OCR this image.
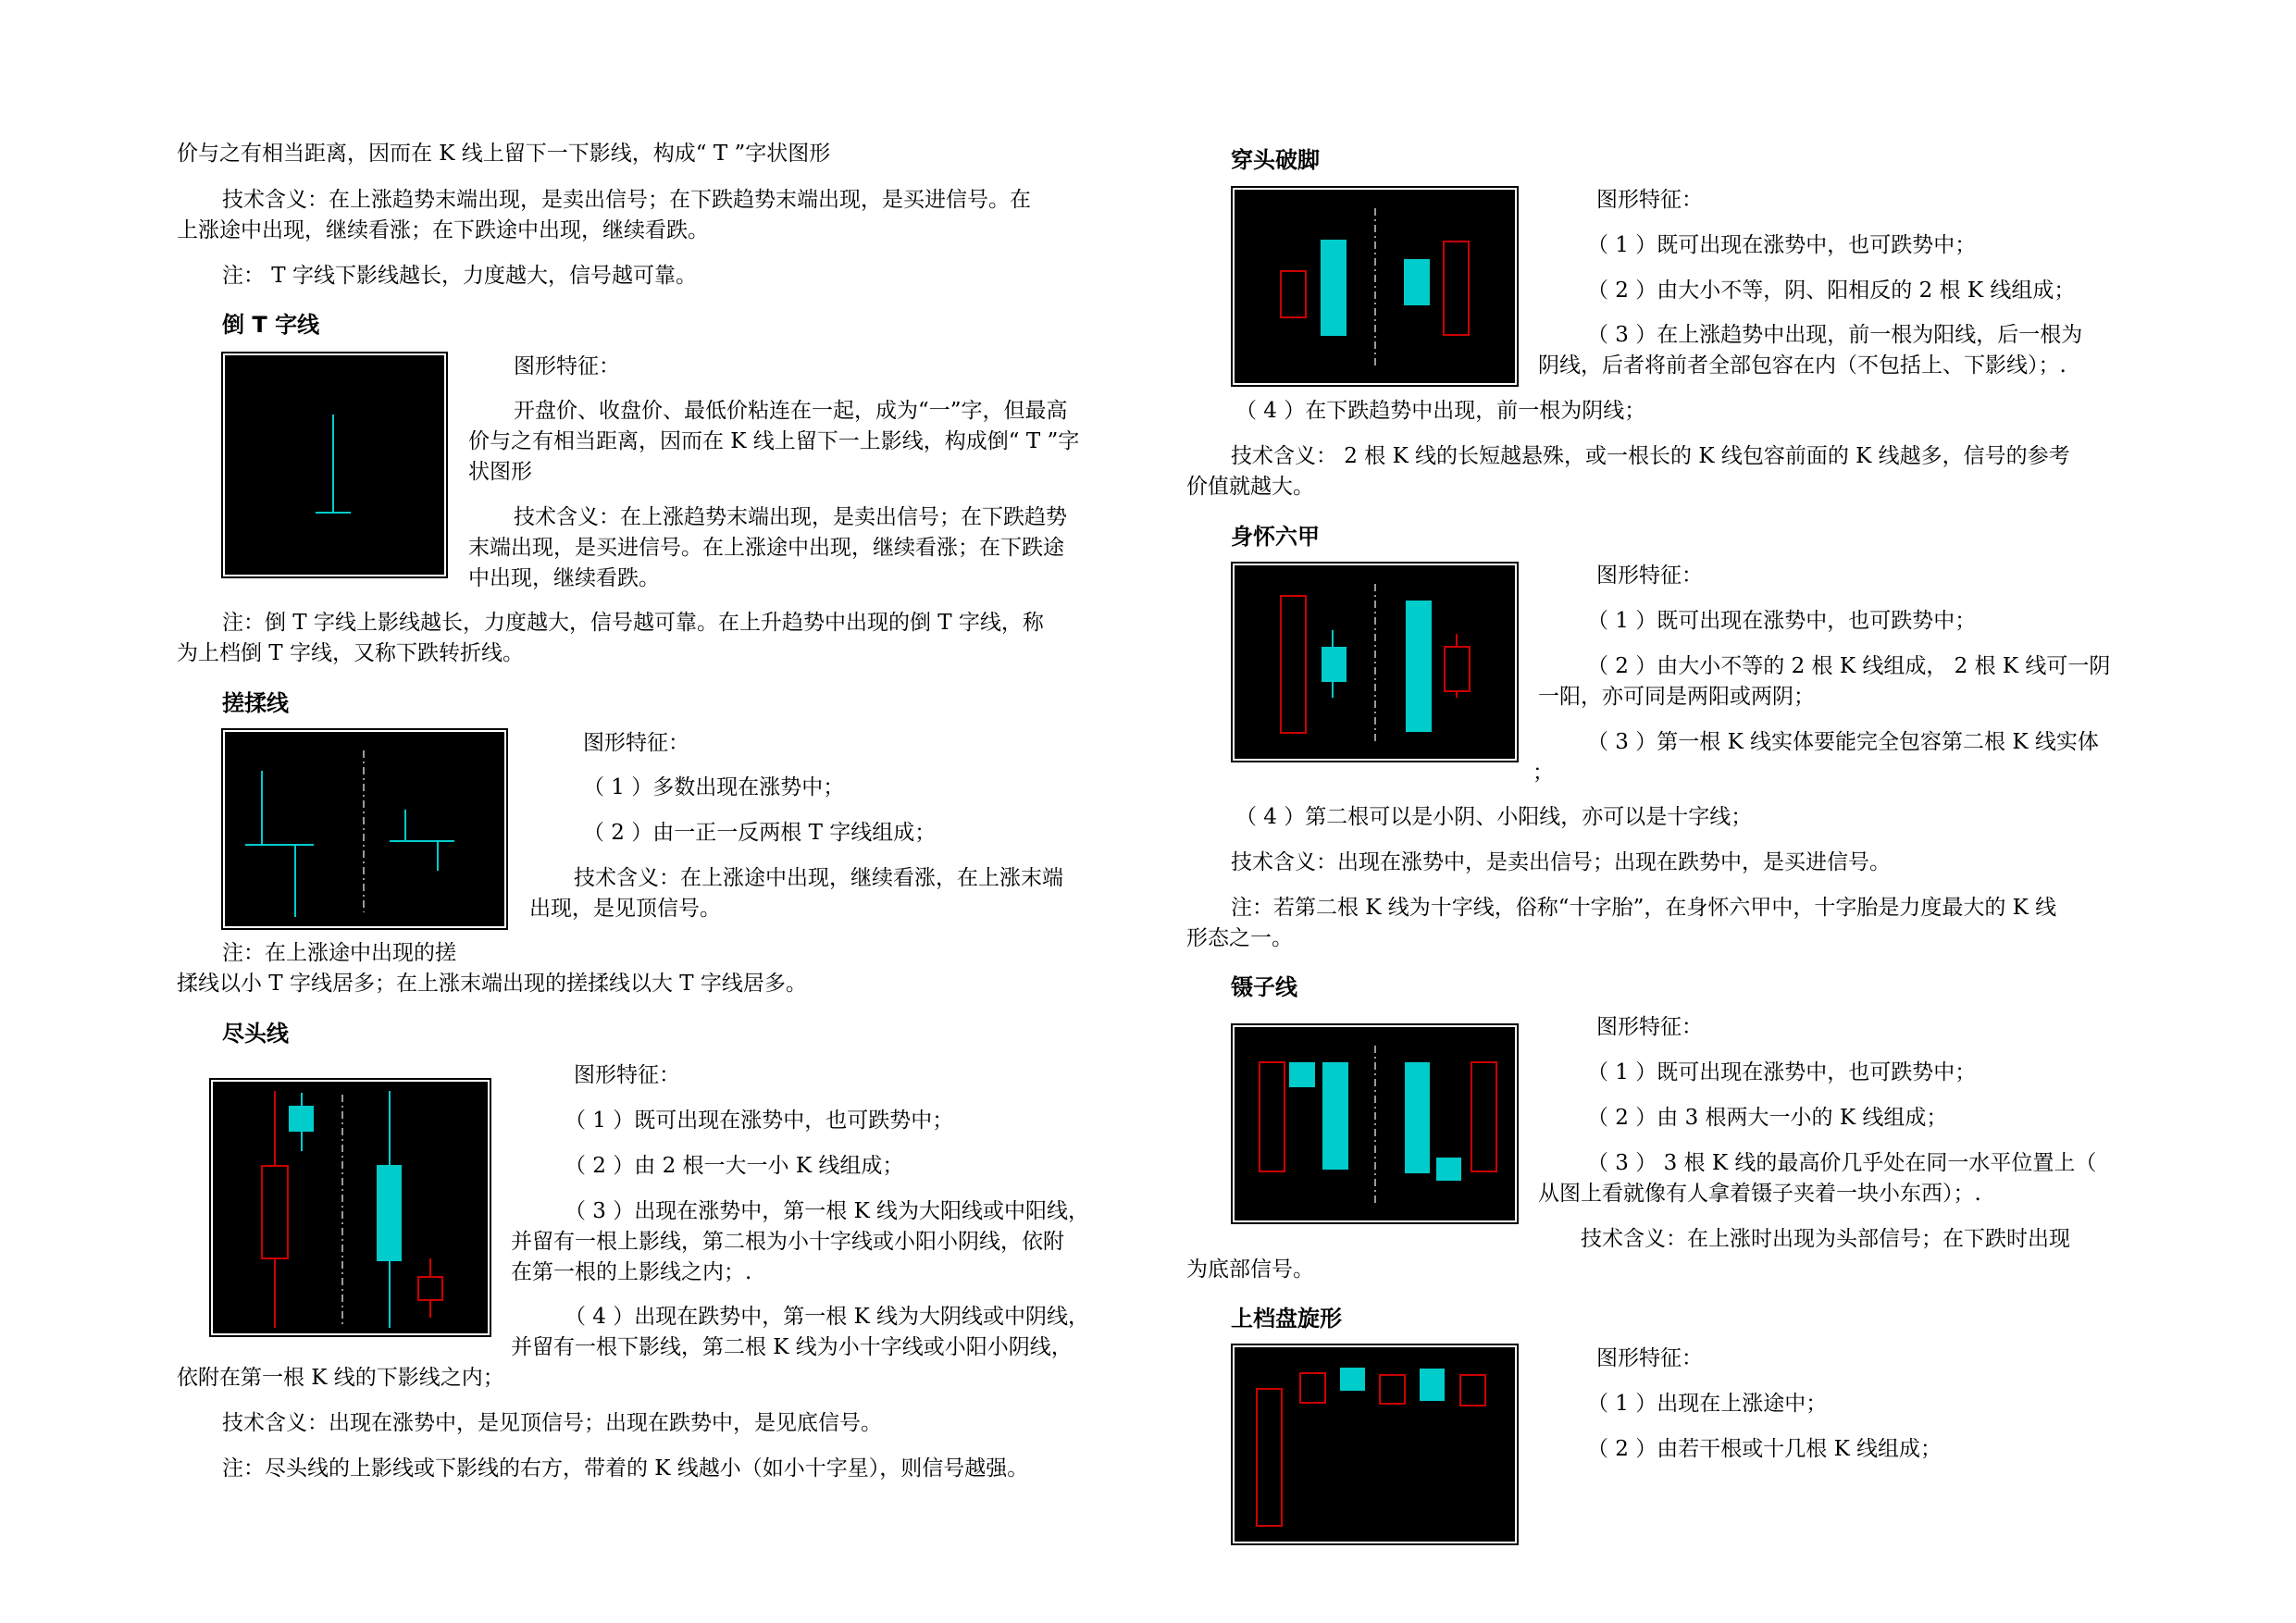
价与之有相当距离，因而在 K 线上留下一下影线，构成“ T ”字状图形
技术含义：在上涨趋势末端出现，是卖出信号；在下跌趋势末端出现，是买进信号。在
上涨途中出现，继续看涨；在下跌途中出现，继续看跌。
注： T 字线下影线越长，力度越大，信号越可靠。
倒 T 字线
图形特征：
开盘价、收盘价、最低价粘连在一起，成为“一”字，但最高
价与之有相当距离，因而在 K 线上留下一上影线，构成倒“ T ”字
状图形
技术含义：在上涨趋势末端出现，是卖出信号；在下跌趋势
末端出现，是买进信号。在上涨途中出现，继续看涨；在下跌途
中出现，继续看跌。
注：倒 T 字线上影线越长，力度越大，信号越可靠。在上升趋势中出现的倒 T 字线，称
为上档倒 T 字线，又称下跌转折线。
搓揉线
图形特征：
（ 1 ）多数出现在涨势中；
（ 2 ）由一正一反两根 T 字线组成；
技术含义：在上涨途中出现，继续看涨，在上涨末端
出现，是见顶信号。
注：在上涨途中出现的搓
揉线以小 T 字线居多；在上涨末端出现的搓揉线以大 T 字线居多。
尽头线
图形特征：
（ 1 ）既可出现在涨势中，也可跌势中；
（ 2 ）由 2 根一大一小 K 线组成；
（ 3 ）出现在涨势中，第一根 K 线为大阳线或中阳线，
并留有一根上影线，第二根为小十字线或小阳小阴线，依附
在第一根的上影线之内；.
（ 4 ）出现在跌势中，第一根 K 线为大阴线或中阴线，
并留有一根下影线，第二根 K 线为小十字线或小阳小阴线，
依附在第一根 K 线的下影线之内；
技术含义：出现在涨势中，是见顶信号；出现在跌势中，是见底信号。
注：尽头线的上影线或下影线的右方，带着的 K 线越小（如小十字星），则信号越强。
穿头破脚
图形特征：
（ 1 ）既可出现在涨势中，也可跌势中；
（ 2 ）由大小不等，阴、阳相反的 2 根 K 线组成；
（ 3 ）在上涨趋势中出现，前一根为阳线，后一根为
阴线，后者将前者全部包容在内（不包括上、下影线）；.
（ 4 ）在下跌趋势中出现，前一根为阴线；
技术含义： 2 根 K 线的长短越悬殊，或一根长的 K 线包容前面的 K 线越多，信号的参考
价值就越大。
身怀六甲
图形特征：
（ 1 ）既可出现在涨势中，也可跌势中；
（ 2 ）由大小不等的 2 根 K 线组成， 2 根 K 线可一阴
一阳，亦可同是两阳或两阴；
（ 3 ）第一根 K 线实体要能完全包容第二根 K 线实体
；
（ 4 ）第二根可以是小阴、小阳线，亦可以是十字线；
技术含义：出现在涨势中，是卖出信号；出现在跌势中，是买进信号。
注：若第二根 K 线为十字线，俗称“十字胎”，在身怀六甲中，十字胎是力度最大的 K 线
形态之一。
镊子线
图形特征：
（ 1 ）既可出现在涨势中，也可跌势中；
（ 2 ）由 3 根两大一小的 K 线组成；
（ 3 ） 3 根 K 线的最高价几乎处在同一水平位置上（
从图上看就像有人拿着镊子夹着一块小东西）；.
技术含义：在上涨时出现为头部信号；在下跌时出现
为底部信号。
上档盘旋形
图形特征：
（ 1 ）出现在上涨途中；
（ 2 ）由若干根或十几根 K 线组成；
